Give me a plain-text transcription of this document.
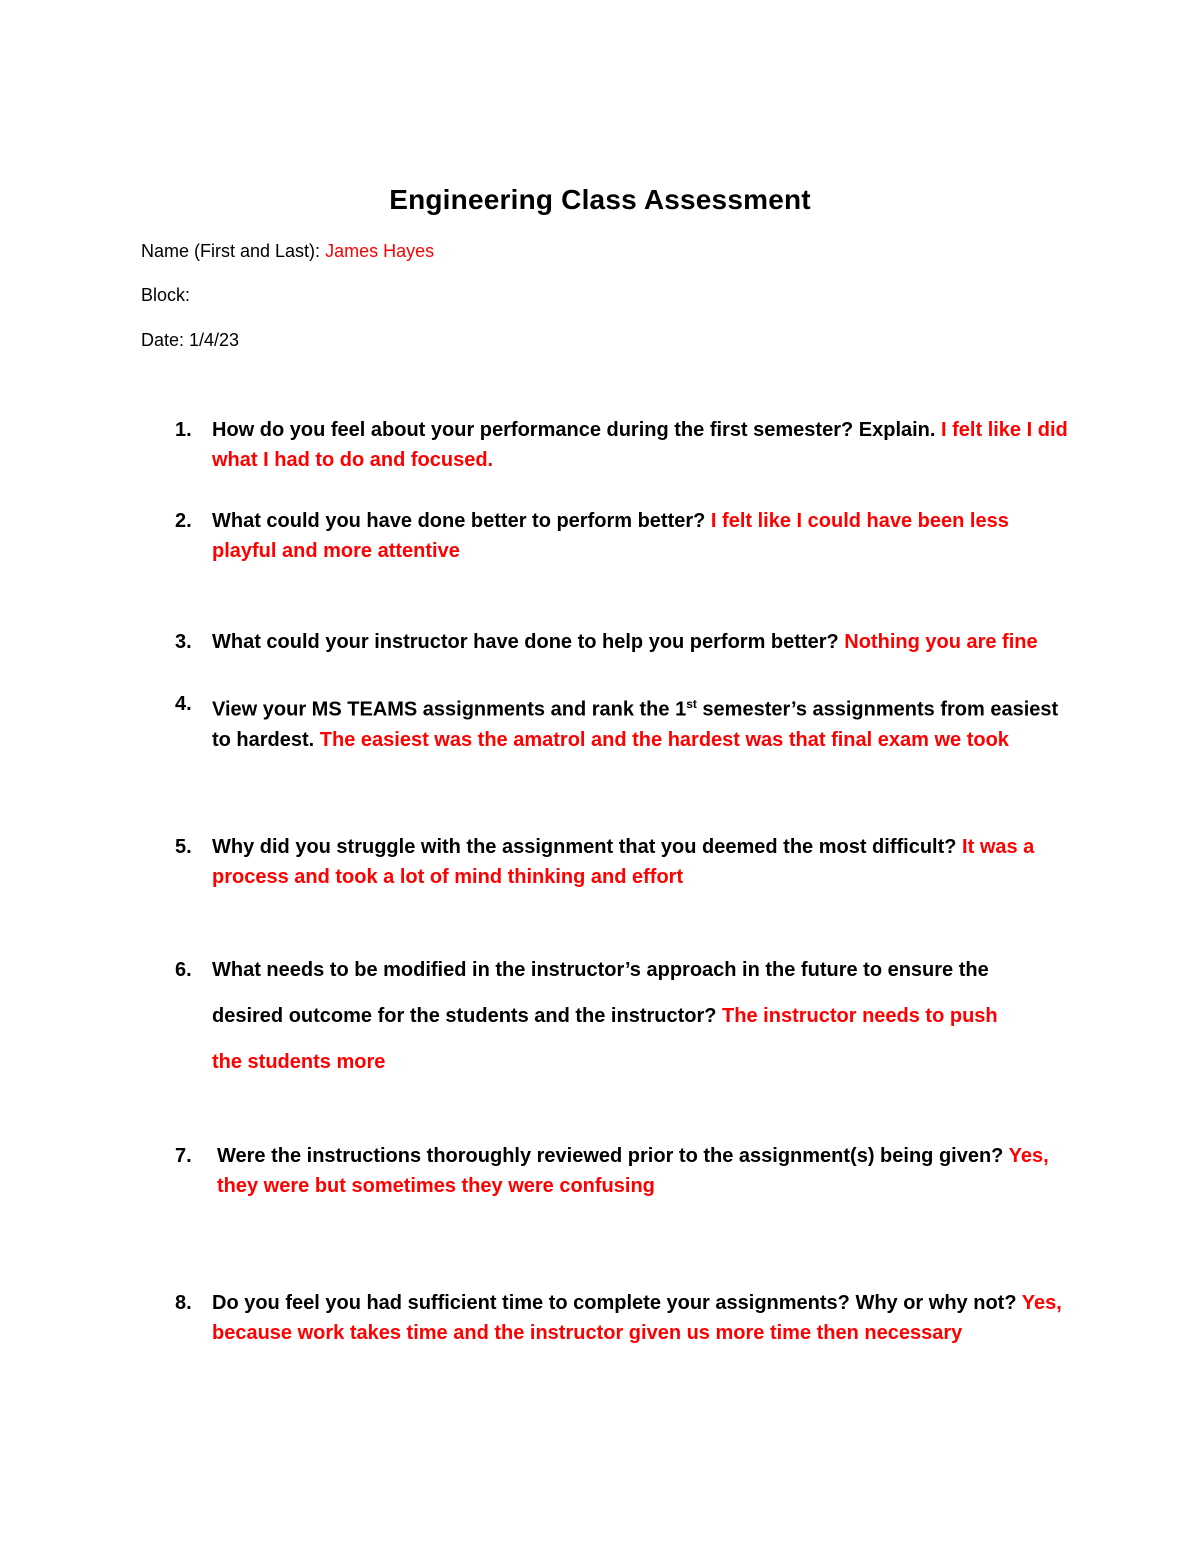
Engineering Class Assessment
Name (First and Last): James Hayes
Block:
Date: 1/4/23
1. How do you feel about your performance during the first semester? Explain. I felt like I did what I had to do and focused.
2. What could you have done better to perform better? I felt like I could have been less playful and more attentive
3. What could your instructor have done to help you perform better? Nothing you are fine
4. View your MS TEAMS assignments and rank the 1st semester’s assignments from easiest to hardest. The easiest was the amatrol and the hardest was that final exam we took
5. Why did you struggle with the assignment that you deemed the most difficult? It was a process and took a lot of mind thinking and effort
6. What needs to be modified in the instructor’s approach in the future to ensure the desired outcome for the students and the instructor? The instructor needs to push the students more
7. Were the instructions thoroughly reviewed prior to the assignment(s) being given? Yes, they were but sometimes they were confusing
8. Do you feel you had sufficient time to complete your assignments? Why or why not? Yes, because work takes time and the instructor given us more time then necessary
